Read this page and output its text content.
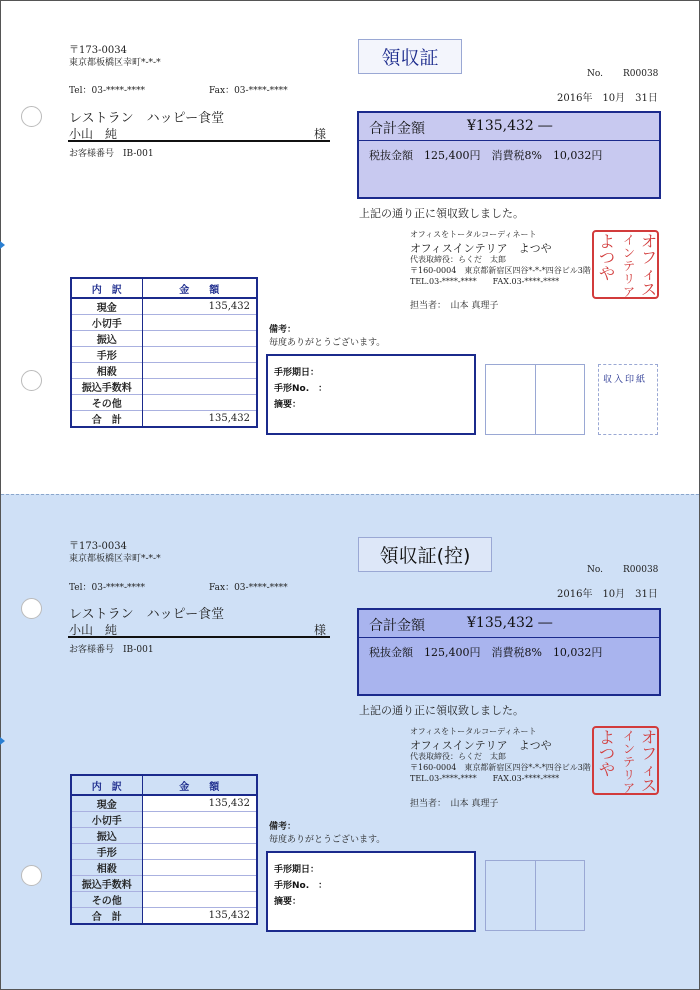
〒173-0034
東京都板橋区幸町*-*-*
Tel：03-****-****	Fax：03-****-****
領収証
No. R00038
2016年　10月　31日
レストラン　ハッピー食堂
小山　純	様
お客様番号　IB-001
合計金額	¥135,432 ―
税抜金額　125,400円　消費税8%　10,032円
上記の通り正に領収致しました。
オフィスをトータルコーディネート
オフィスインテリア　よつや
代表取締役：らくだ　太郎
〒160-0004　東京都新宿区四谷*-*-*四谷ビル3階
TEL.03-****-****　　FAX.03-****-****
担当者：　山本 真理子
オ
フ
ィ
ス
イ
ン
テ
リ
ア
よ
つ
や
内　訳	金　　額
現金	135,432
小切手	
振込	
手形	
相殺	
振込手数料	
その他	
合　計	135,432
備考：
毎度ありがとうございます。
手形期日：
手形No.　：
摘要：
収入印紙
〒173-0034
東京都板橋区幸町*-*-*
Tel：03-****-****	Fax：03-****-****
領収証(控)
No. R00038
2016年　10月　31日
レストラン　ハッピー食堂
小山　純	様
お客様番号　IB-001
合計金額	¥135,432 ―
税抜金額　125,400円　消費税8%　10,032円
上記の通り正に領収致しました。
オフィスをトータルコーディネート
オフィスインテリア　よつや
代表取締役：らくだ　太郎
〒160-0004　東京都新宿区四谷*-*-*四谷ビル3階
TEL.03-****-****　　FAX.03-****-****
担当者：　山本 真理子
オ
フ
ィ
ス
イ
ン
テ
リ
ア
よ
つ
や
内　訳	金　　額
現金	135,432
小切手	
振込	
手形	
相殺	
振込手数料	
その他	
合　計	135,432
備考：
毎度ありがとうございます。
手形期日：
手形No.　：
摘要：
